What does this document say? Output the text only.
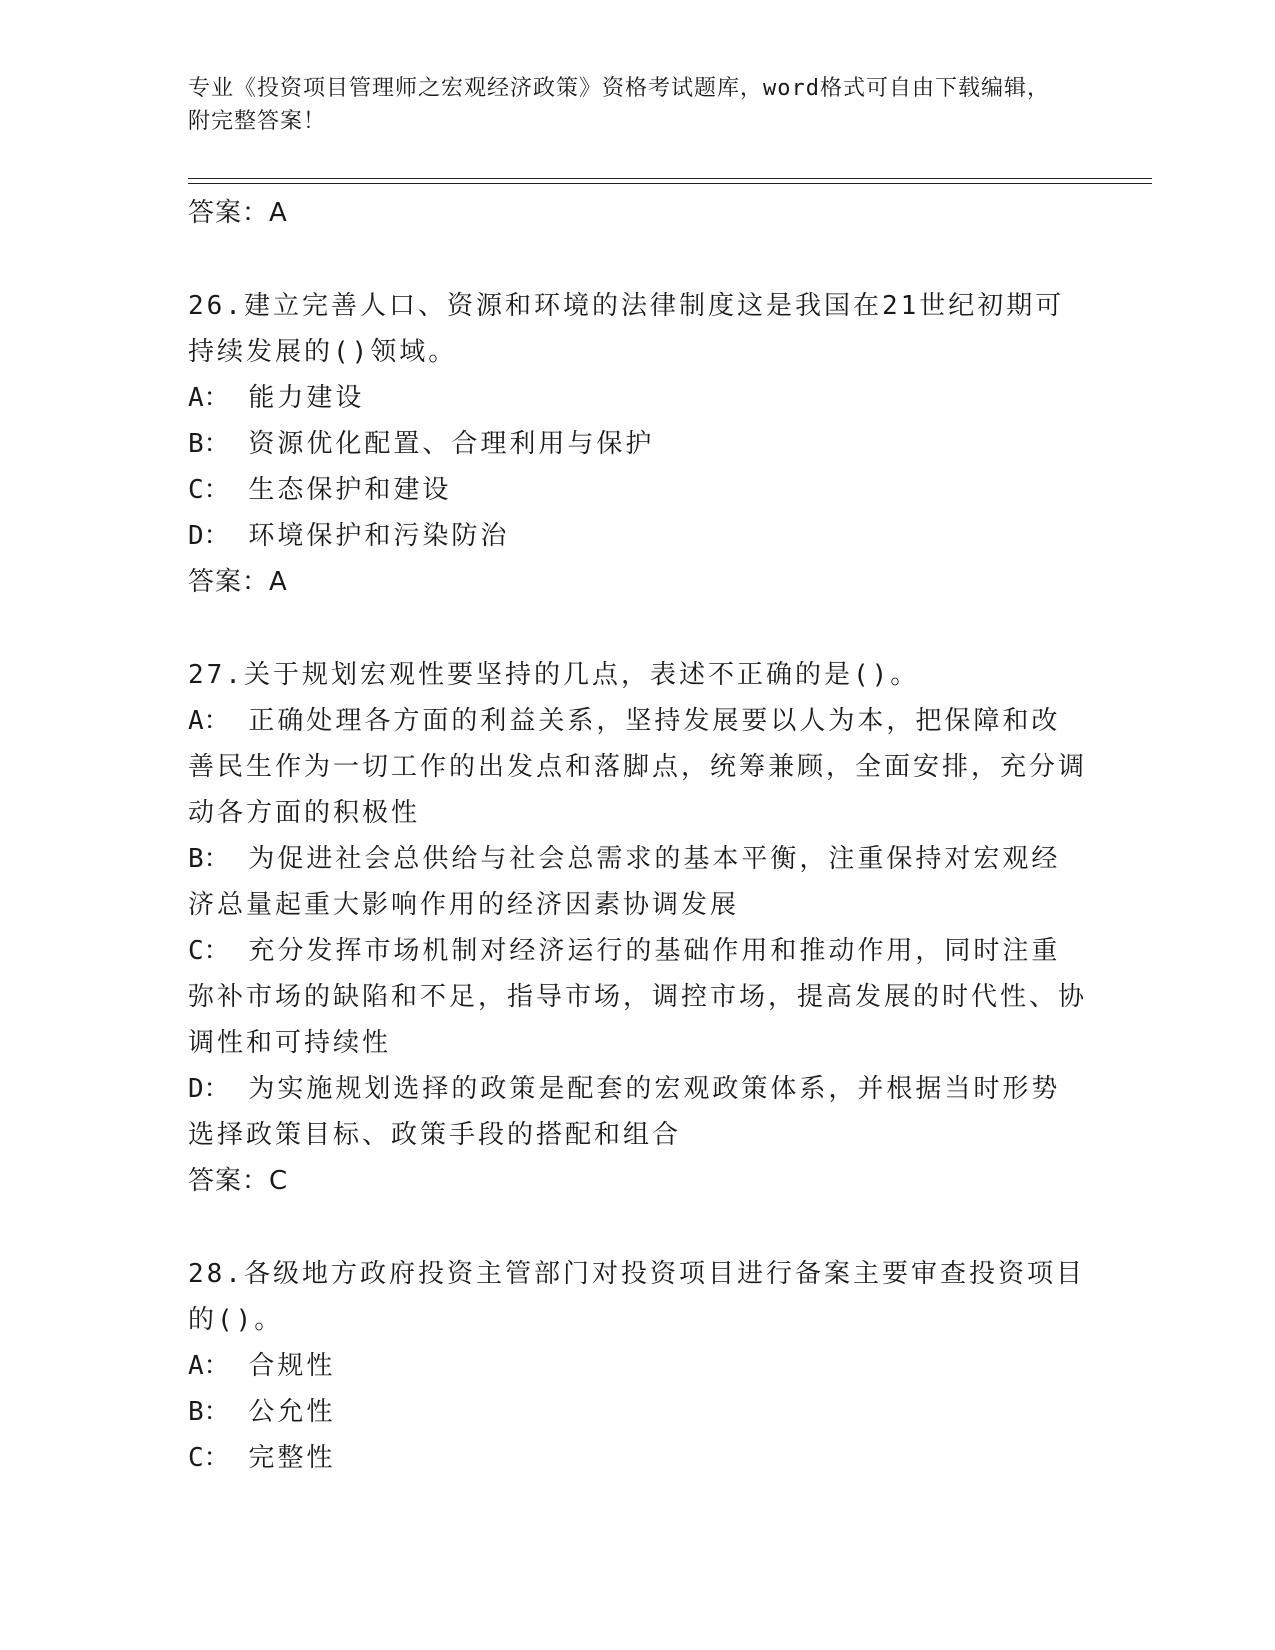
专业《投资项目管理师之宏观经济政策》资格考试题库，word格式可自由下载编辑，附完整答案！
答案：A

26.建立完善人口、资源和环境的法律制度这是我国在21世纪初期可持续发展的()领域。

A： 能力建设

B： 资源优化配置、合理利用与保护

C： 生态保护和建设

D： 环境保护和污染防治

答案：A

27.关于规划宏观性要坚持的几点，表述不正确的是()。

A： 正确处理各方面的利益关系，坚持发展要以人为本，把保障和改善民生作为一切工作的出发点和落脚点，统筹兼顾，全面安排，充分调动各方面的积极性

B： 为促进社会总供给与社会总需求的基本平衡，注重保持对宏观经济总量起重大影响作用的经济因素协调发展

C： 充分发挥市场机制对经济运行的基础作用和推动作用，同时注重弥补市场的缺陷和不足，指导市场，调控市场，提高发展的时代性、协调性和可持续性

D： 为实施规划选择的政策是配套的宏观政策体系，并根据当时形势选择政策目标、政策手段的搭配和组合

答案：C

28.各级地方政府投资主管部门对投资项目进行备案主要审查投资项目的()。

A： 合规性

B： 公允性

C： 完整性
